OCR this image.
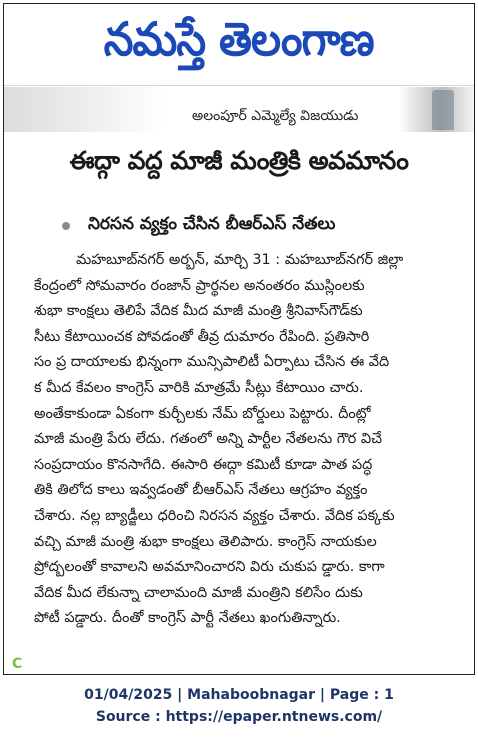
నమస్తే తెలంగాణ
అలంపూర్ ఎమ్మెల్యే విజయుడు
ఈద్గా వద్ద మాజీ మంత్రికి అవమానం
నిరసన వ్యక్తం చేసిన బీఆర్ఎస్ నేతలు
మహబూబ్‌నగర్ అర్బన్, మార్చి 31 : మహబూబ్‌నగర్ జిల్లా
కేంద్రంలో సోమవారం రంజాన్ ప్రార్థనల అనంతరం ముస్లింలకు
శుభా కాంక్షలు తెలిపే వేదిక మీద మాజీ మంత్రి శ్రీనివాస్‌గౌడ్‌కు
సీటు కేటాయించక పోవడంతో తీవ్ర దుమారం రేపింది. ప్రతిసారి
సం ప్ర దాయాలకు భిన్నంగా మున్సిపాలిటీ ఏర్పాటు చేసిన ఈ వేది
క మీద కేవలం కాంగ్రెస్ వారికి మాత్రమే సీట్లు కేటాయిం చారు.
అంతేకాకుండా ఏకంగా కుర్చీలకు నేమ్ బోర్డులు పెట్టారు. దీంట్లో
మాజీ మంత్రి పేరు లేదు. గతంలో అన్ని పార్టీల నేతలను గౌర విచే
సంప్రదాయం కొనసాగేది. ఈసారి ఈద్గా కమిటీ కూడా పాత పద్ధ
తికి తిలోద కాలు ఇవ్వడంతో బీఆర్ఎస్ నేతలు ఆగ్రహం వ్యక్తం
చేశారు. నల్ల బ్యాడ్జీలు ధరించి నిరసన వ్యక్తం చేశారు. వేదిక పక్కకు
వచ్చి మాజీ మంత్రి శుభా కాంక్షలు తెలిపారు. కాంగ్రెస్ నాయకుల
ప్రోద్బలంతో కావాలని అవమానించారని విరు చుకుప డ్డారు. కాగా
వేదిక మీద లేకున్నా చాలామంది మాజీ మంత్రిని కలిసేం దుకు
పోటీ పడ్డారు. దీంతో కాంగ్రెస్ పార్టీ నేతలు ఖంగుతిన్నారు.
C
01/04/2025 | Mahaboobnagar | Page : 1
Source : https://epaper.ntnews.com/
